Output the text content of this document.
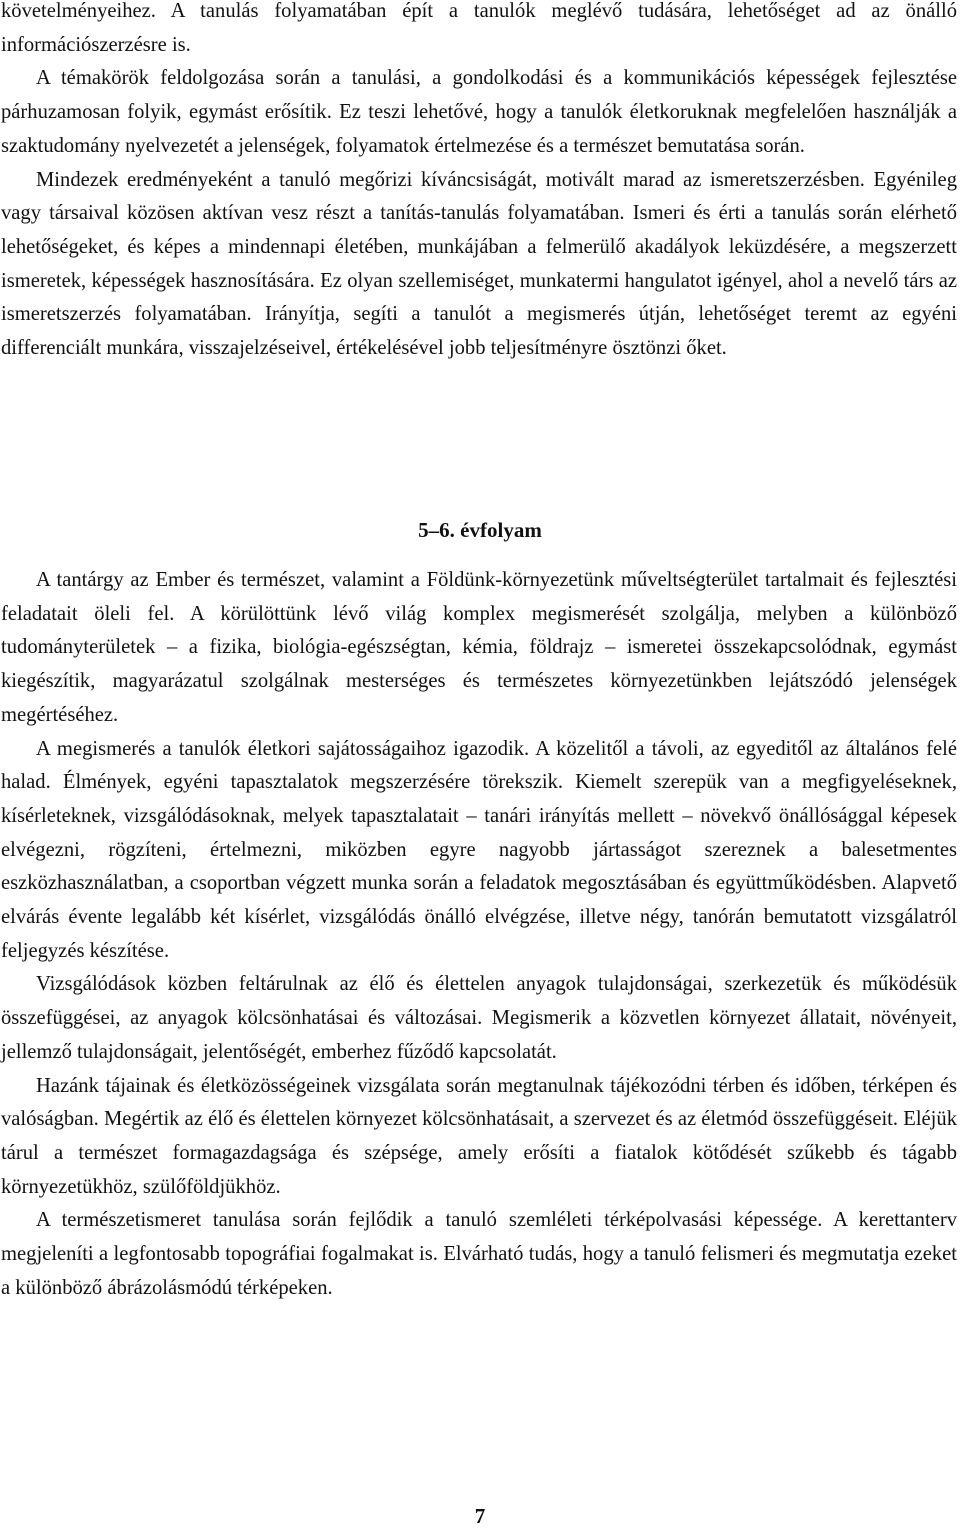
követelményeihez. A tanulás folyamatában épít a tanulók meglévő tudására, lehetőséget ad az önálló információszerzésre is.

A témakörök feldolgozása során a tanulási, a gondolkodási és a kommunikációs képességek fejlesztése párhuzamosan folyik, egymást erősítik. Ez teszi lehetővé, hogy a tanulók életkoruknak megfelelően használják a szaktudomány nyelvezetét a jelenségek, folyamatok értelmezése és a természet bemutatása során.

Mindezek eredményeként a tanuló megőrizi kíváncsiságát, motivált marad az ismeretszerzésben. Egyénileg vagy társaival közösen aktívan vesz részt a tanítás-tanulás folyamatában. Ismeri és érti a tanulás során elérhető lehetőségeket, és képes a mindennapi életében, munkájában a felmerülő akadályok leküzdésére, a megszerzett ismeretek, képességek hasznosítására. Ez olyan szellemiséget, munkatermi hangulatot igényel, ahol a nevelő társ az ismeretszerzés folyamatában. Irányítja, segíti a tanulót a megismerés útján, lehetőséget teremt az egyéni differenciált munkára, visszajelzéseivel, értékelésével jobb teljesítményre ösztönzi őket.

5–6. évfolyam

A tantárgy az Ember és természet, valamint a Földünk-környezetünk műveltségterület tartalmait és fejlesztési feladatait öleli fel. A körülöttünk lévő világ komplex megismerését szolgálja, melyben a különböző tudományterületek – a fizika, biológia-egészségtan, kémia, földrajz – ismeretei összekapcsolódnak, egymást kiegészítik, magyarázatul szolgálnak mesterséges és természetes környezetünkben lejátszódó jelenségek megértéséhez.

A megismerés a tanulók életkori sajátosságaihoz igazodik. A közelitől a távoli, az egyeditől az általános felé halad. Élmények, egyéni tapasztalatok megszerzésére törekszik. Kiemelt szerepük van a megfigyeléseknek, kísérleteknek, vizsgálódásoknak, melyek tapasztalatait – tanári irányítás mellett – növekvő önállósággal képesek elvégezni, rögzíteni, értelmezni, miközben egyre nagyobb jártasságot szereznek a balesetmentes eszközhasználatban, a csoportban végzett munka során a feladatok megosztásában és együttműködésben. Alapvető elvárás évente legalább két kísérlet, vizsgálódás önálló elvégzése, illetve négy, tanórán bemutatott vizsgálatról feljegyzés készítése.

Vizsgálódások közben feltárulnak az élő és élettelen anyagok tulajdonságai, szerkezetük és működésük összefüggései, az anyagok kölcsönhatásai és változásai. Megismerik a közvetlen környezet állatait, növényeit, jellemző tulajdonságait, jelentőségét, emberhez fűződő kapcsolatát.

Hazánk tájainak és életközösségeinek vizsgálata során megtanulnak tájékozódni térben és időben, térképen és valóságban. Megértik az élő és élettelen környezet kölcsönhatásait, a szervezet és az életmód összefüggéseit. Eléjük tárul a természet formagazdagsága és szépsége, amely erősíti a fiatalok kötődését szűkebb és tágabb környezetükhöz, szülőföldjükhöz.

A természetismeret tanulása során fejlődik a tanuló szemléleti térképolvasási képessége. A kerettanterv megjeleníti a legfontosabb topográfiai fogalmakat is. Elvárható tudás, hogy a tanuló felismeri és megmutatja ezeket a különböző ábrázolásmódú térképeken.

7
